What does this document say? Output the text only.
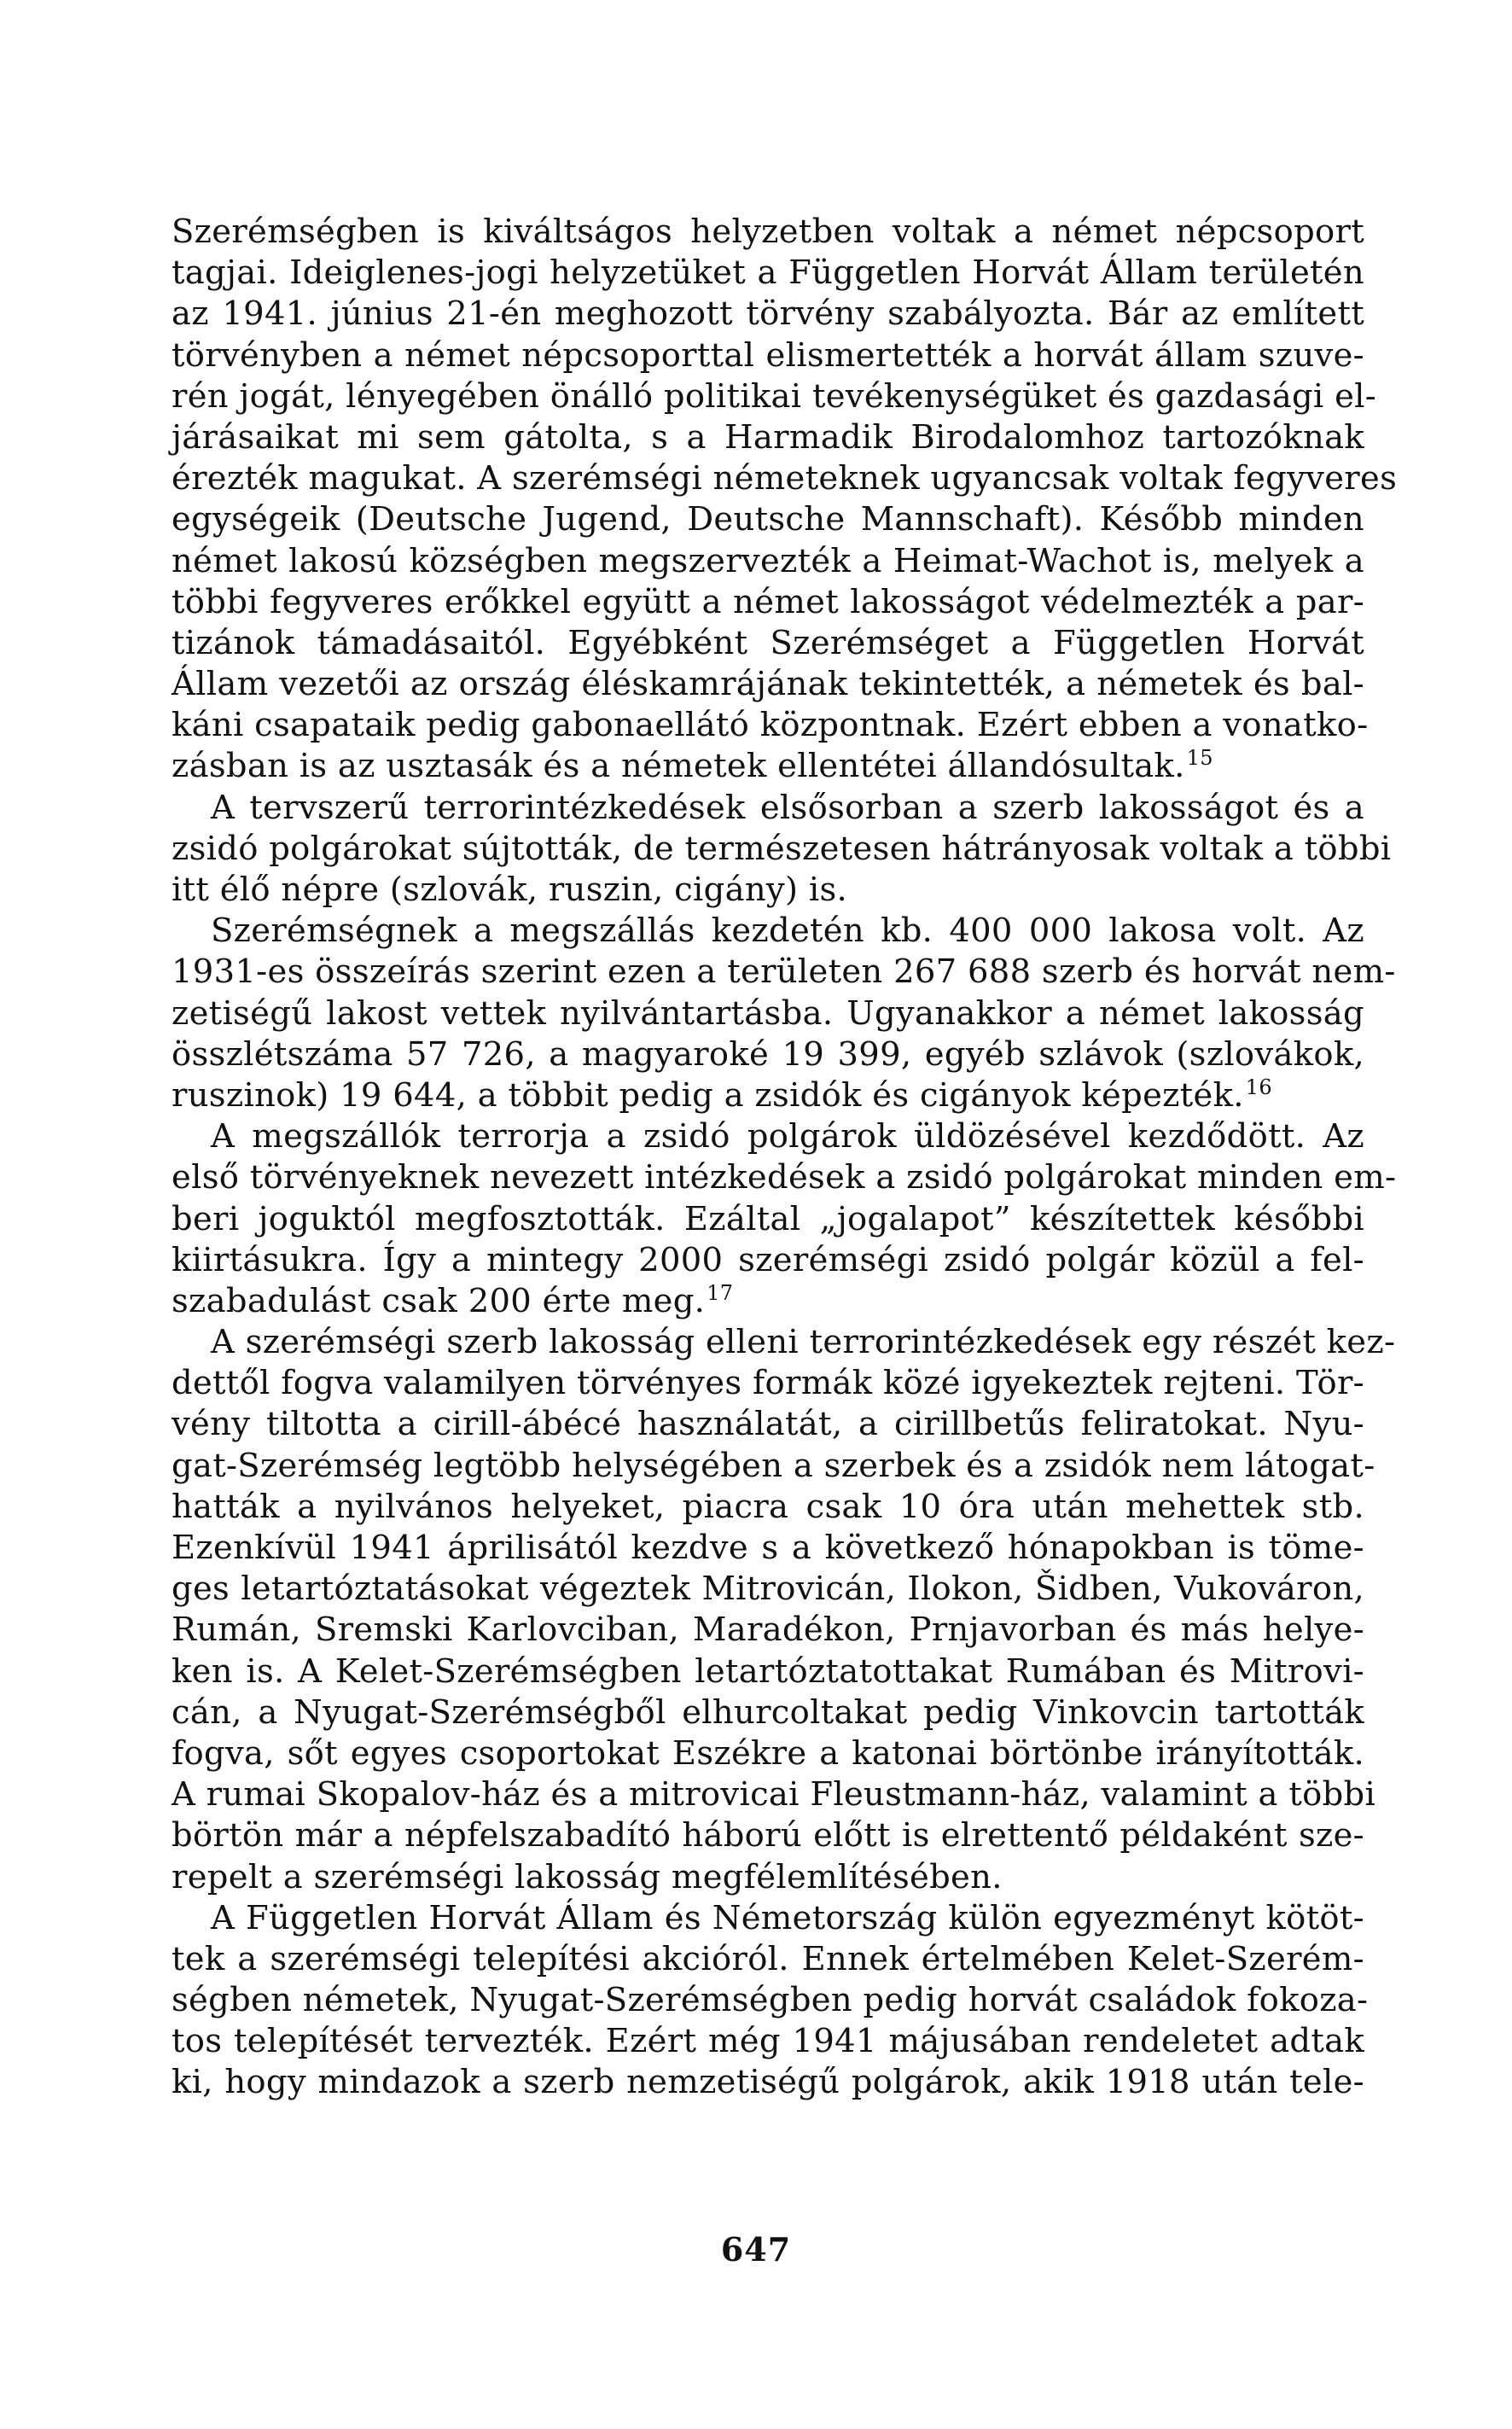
Szerémségben is kiváltságos helyzetben voltak a német népcsoport
tagjai. Ideiglenes-jogi helyzetüket a Független Horvát Állam területén
az 1941. június 21-én meghozott törvény szabályozta. Bár az említett
törvényben a német népcsoporttal elismertették a horvát állam szuve-
rén jogát, lényegében önálló politikai tevékenységüket és gazdasági el-
járásaikat mi sem gátolta, s a Harmadik Birodalomhoz tartozóknak
érezték magukat. A szerémségi németeknek ugyancsak voltak fegyveres
egységeik (Deutsche Jugend, Deutsche Mannschaft). Később minden
német lakosú községben megszervezték a Heimat-Wachot is, melyek a
többi fegyveres erőkkel együtt a német lakosságot védelmezték a par-
tizánok támadásaitól. Egyébként Szerémséget a Független Horvát
Állam vezetői az ország éléskamrájának tekintették, a németek és bal-
káni csapataik pedig gabonaellátó központnak. Ezért ebben a vonatko-
zásban is az usztasák és a németek ellentétei állandósultak.$^{15}$
A tervszerű terrorintézkedések elsősorban a szerb lakosságot és a
zsidó polgárokat sújtották, de természetesen hátrányosak voltak a többi
itt élő népre (szlovák, ruszin, cigány) is.
Szerémségnek a megszállás kezdetén kb. 400 000 lakosa volt. Az
1931-es összeírás szerint ezen a területen 267 688 szerb és horvát nem-
zetiségű lakost vettek nyilvántartásba. Ugyanakkor a német lakosság
összlétszáma 57 726, a magyaroké 19 399, egyéb szlávok (szlovákok,
ruszinok) 19 644, a többit pedig a zsidók és cigányok képezték.$^{16}$
A megszállók terrorja a zsidó polgárok üldözésével kezdődött. Az
első törvényeknek nevezett intézkedések a zsidó polgárokat minden em-
beri joguktól megfosztották. Ezáltal „jogalapot” készítettek későbbi
kiirtásukra. Így a mintegy 2000 szerémségi zsidó polgár közül a fel-
szabadulást csak 200 érte meg.$^{17}$
A szerémségi szerb lakosság elleni terrorintézkedések egy részét kez-
dettől fogva valamilyen törvényes formák közé igyekeztek rejteni. Tör-
vény tiltotta a cirill-ábécé használatát, a cirillbetűs feliratokat. Nyu-
gat-Szerémség legtöbb helységében a szerbek és a zsidók nem látogat-
hatták a nyilvános helyeket, piacra csak 10 óra után mehettek stb.
Ezenkívül 1941 áprilisától kezdve s a következő hónapokban is töme-
ges letartóztatásokat végeztek Mitrovicán, Ilokon, Šidben, Vukováron,
Rumán, Sremski Karlovciban, Maradékon, Prnjavorban és más helye-
ken is. A Kelet-Szerémségben letartóztatottakat Rumában és Mitrovi-
cán, a Nyugat-Szerémségből elhurcoltakat pedig Vinkovcin tartották
fogva, sőt egyes csoportokat Eszékre a katonai börtönbe irányították.
A rumai Skopalov-ház és a mitrovicai Fleustmann-ház, valamint a többi
börtön már a népfelszabadító háború előtt is elrettentő példaként sze-
repelt a szerémségi lakosság megfélemlítésében.
A Független Horvát Állam és Németország külön egyezményt kötöt-
tek a szerémségi telepítési akcióról. Ennek értelmében Kelet-Szerém-
ségben németek, Nyugat-Szerémségben pedig horvát családok fokoza-
tos telepítését tervezték. Ezért még 1941 májusában rendeletet adtak
ki, hogy mindazok a szerb nemzetiségű polgárok, akik 1918 után tele-
647
